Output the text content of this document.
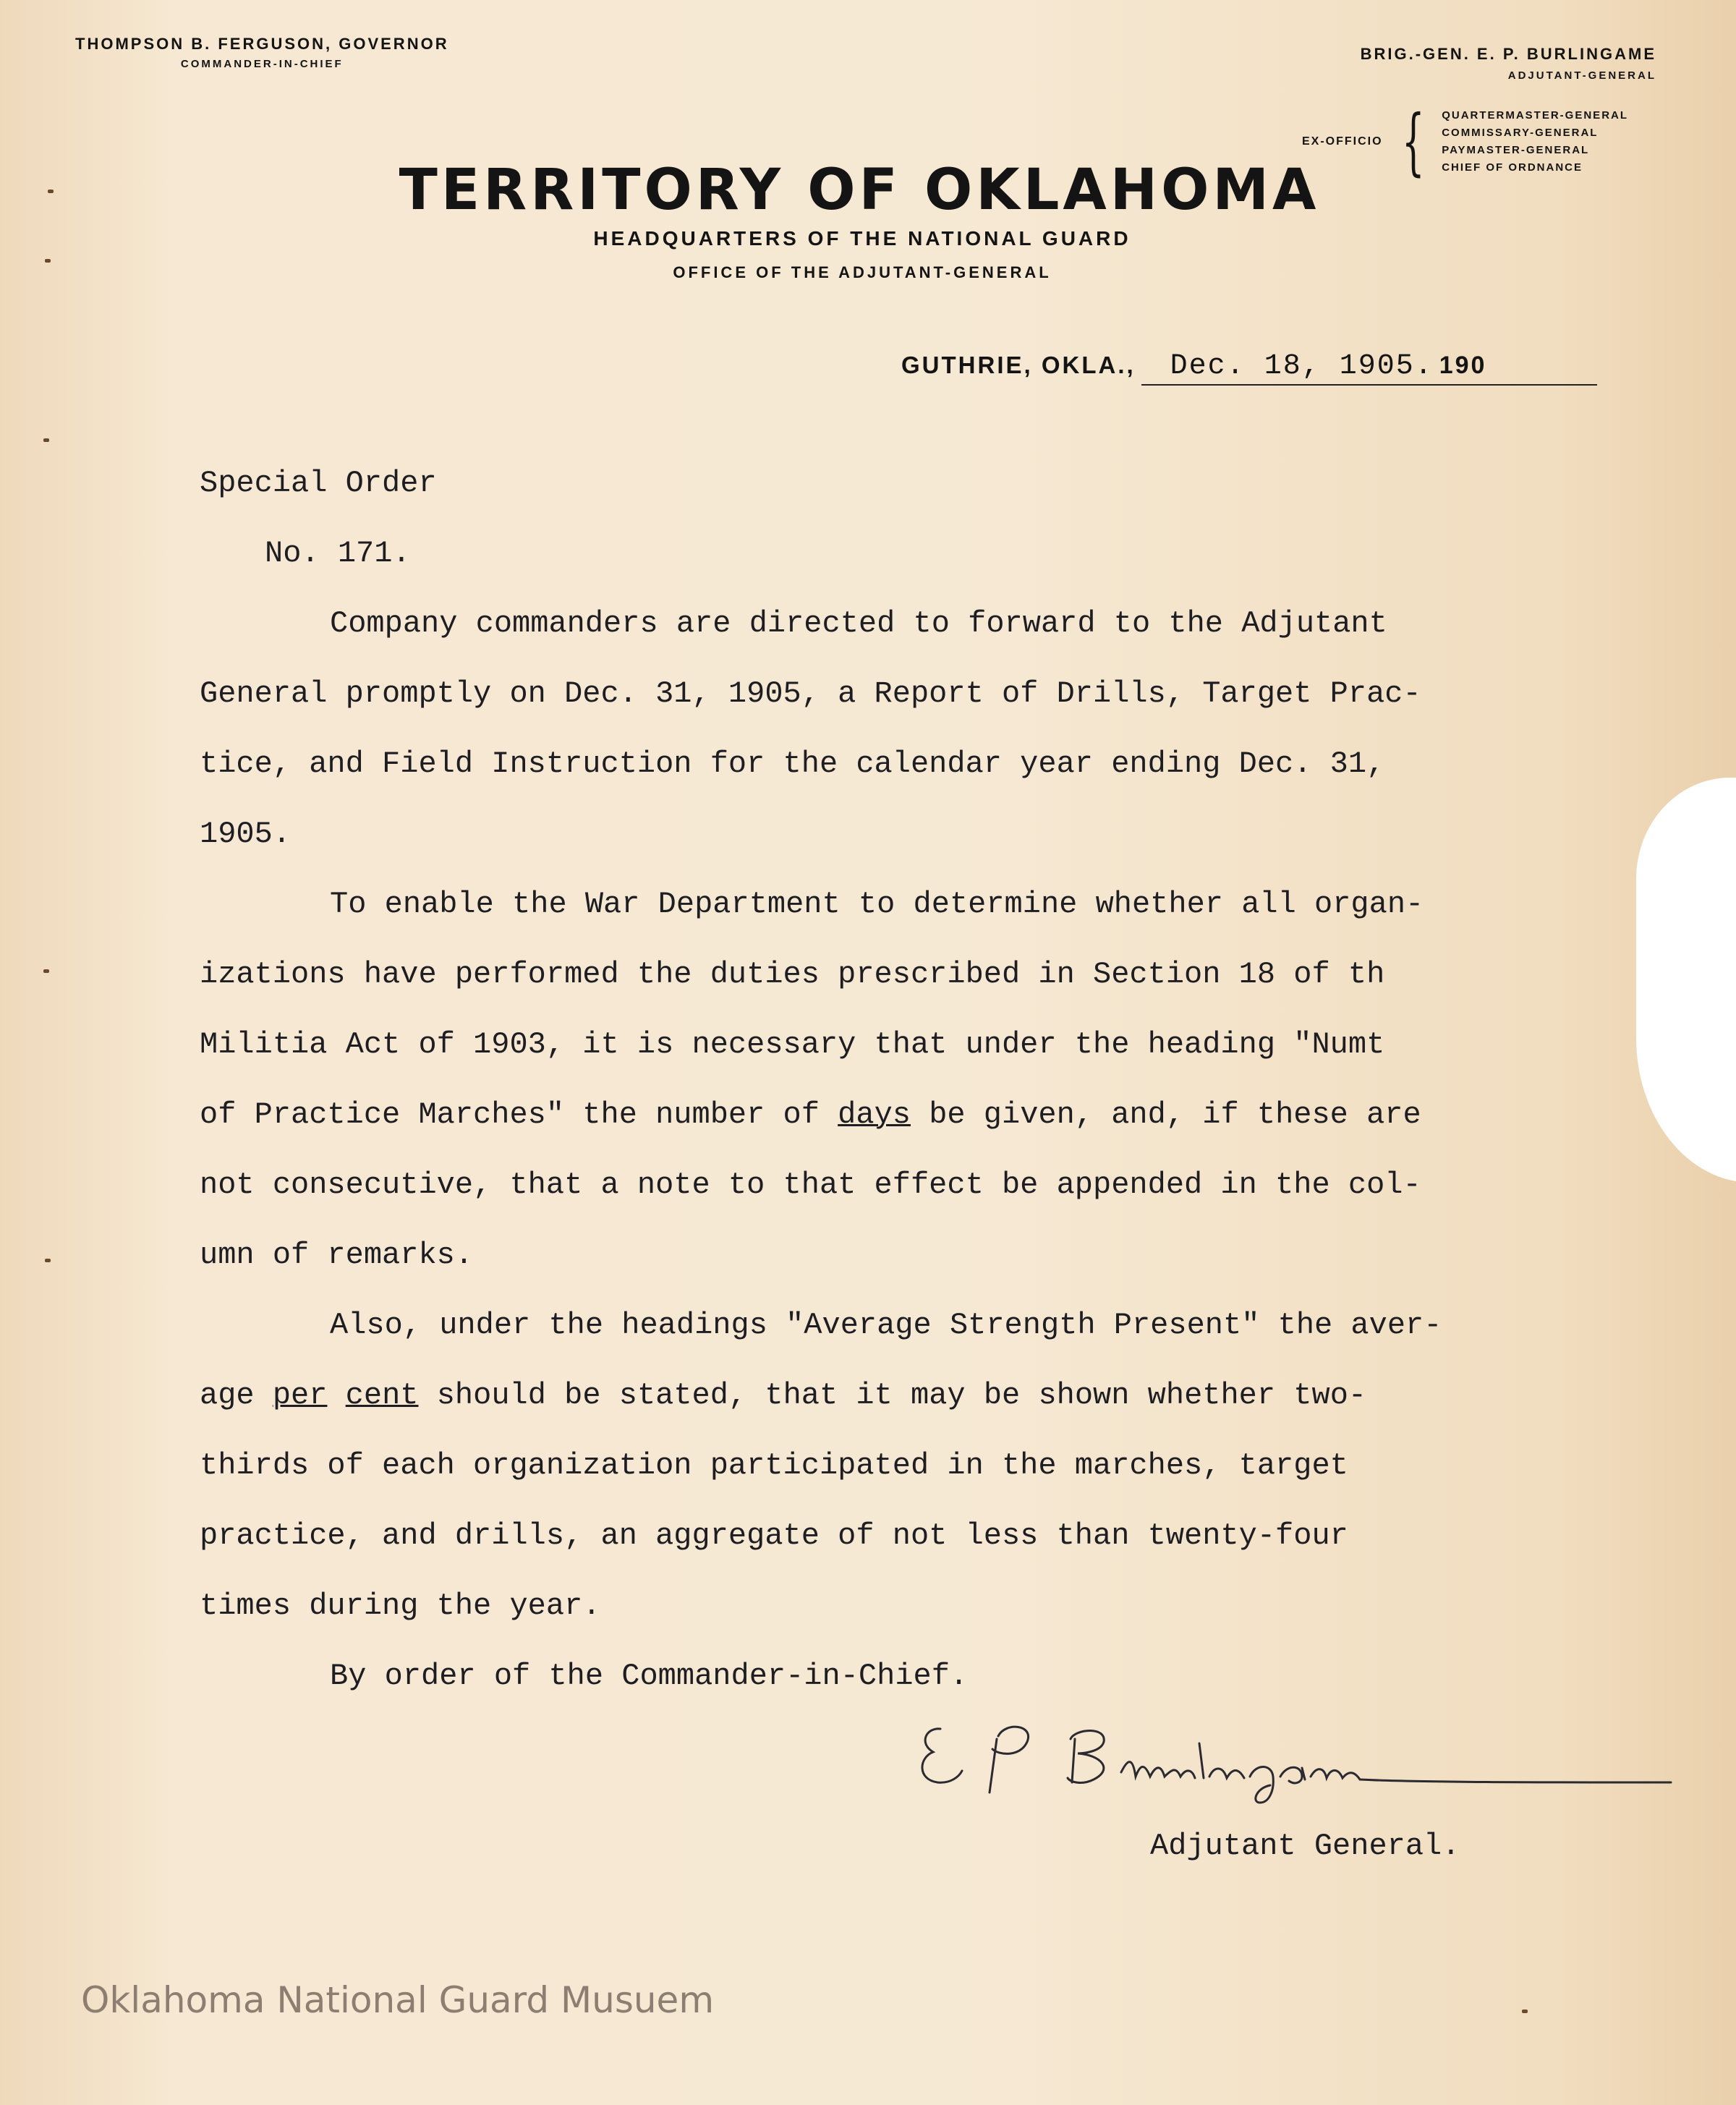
THOMPSON B. FERGUSON, GOVERNOR
COMMANDER-IN-CHIEF
BRIG.-GEN. E. P. BURLINGAME
ADJUTANT-GENERAL
EX-OFFICIO { QUARTERMASTER-GENERAL
COMMISSARY-GENERAL
PAYMASTER-GENERAL
CHIEF OF ORDNANCE
TERRITORY OF OKLAHOMA
HEADQUARTERS OF THE NATIONAL GUARD
OFFICE OF THE ADJUTANT-GENERAL
GUTHRIE, OKLA., Dec. 18, 1905. 190
Special Order
No. 171.
Company commanders are directed to forward to the Adjutant
General promptly on Dec. 31, 1905, a Report of Drills, Target Prac-
tice, and Field Instruction for the calendar year ending Dec. 31,
1905.
To enable the War Department to determine whether all organ-
izations have performed the duties prescribed in Section 18 of th
Militia Act of 1903, it is necessary that under the heading "Numt
of Practice Marches" the number of days be given, and, if these are
not consecutive, that a note to that effect be appended in the col-
umn of remarks.
Also, under the headings "Average Strength Present" the aver-
age per cent should be stated, that it may be shown whether two-
thirds of each organization participated in the marches, target
practice, and drills, an aggregate of not less than twenty-four
times during the year.
By order of the Commander-in-Chief.
Adjutant General.
Oklahoma National Guard Musuem
